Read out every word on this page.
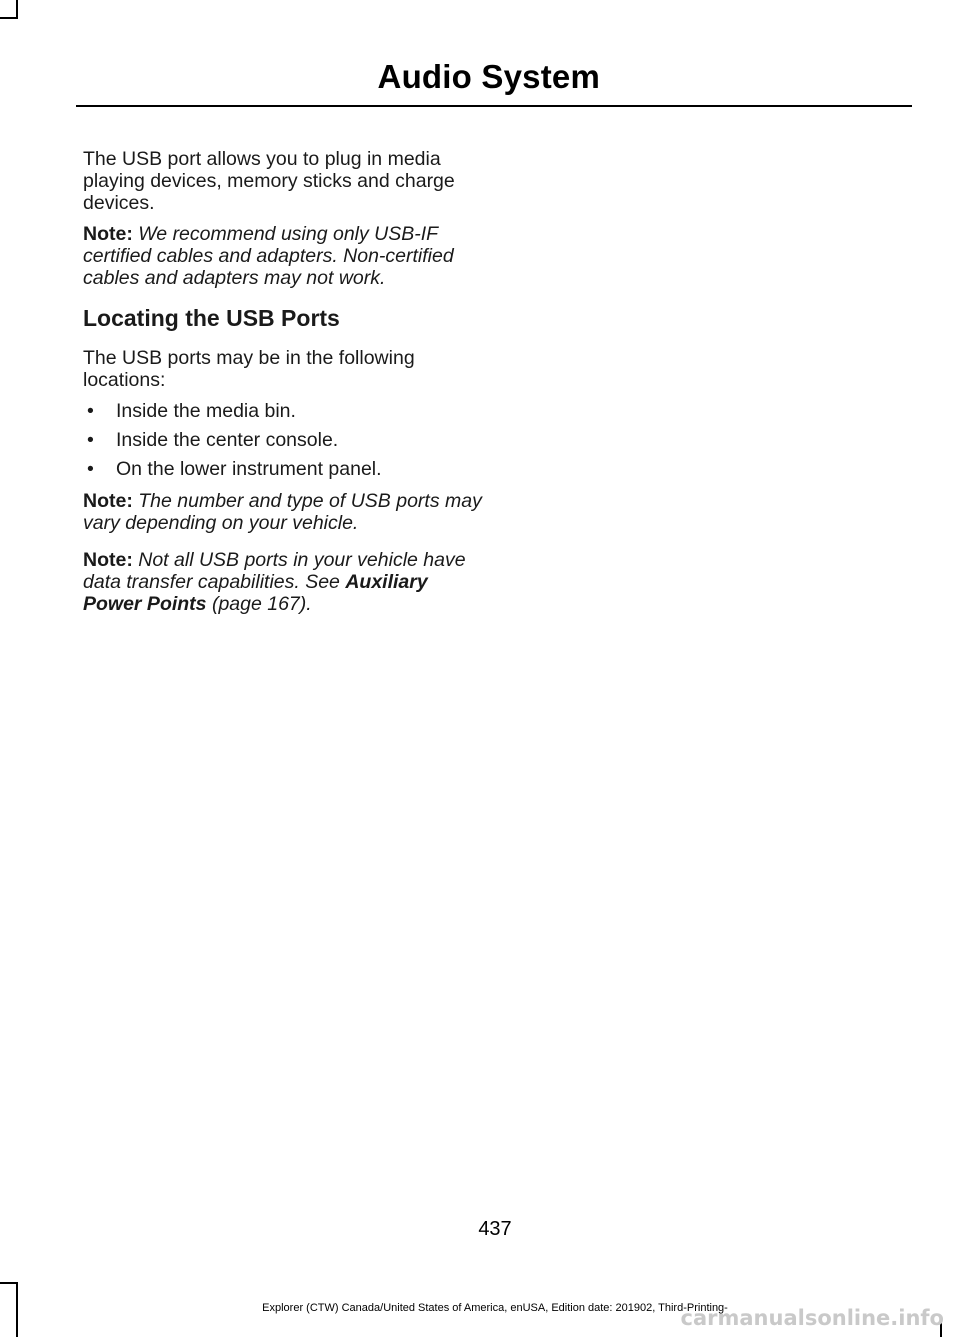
Audio System

The USB port allows you to plug in media playing devices, memory sticks and charge devices.

Note: We recommend using only USB-IF certified cables and adapters. Non-certified cables and adapters may not work.

Locating the USB Ports

The USB ports may be in the following locations:

• Inside the media bin.
• Inside the center console.
• On the lower instrument panel.

Note: The number and type of USB ports may vary depending on your vehicle.

Note: Not all USB ports in your vehicle have data transfer capabilities. See Auxiliary Power Points (page 167).

437
Explorer (CTW) Canada/United States of America, enUSA, Edition date: 201902, Third-Printing-
carmanualsonline.info
